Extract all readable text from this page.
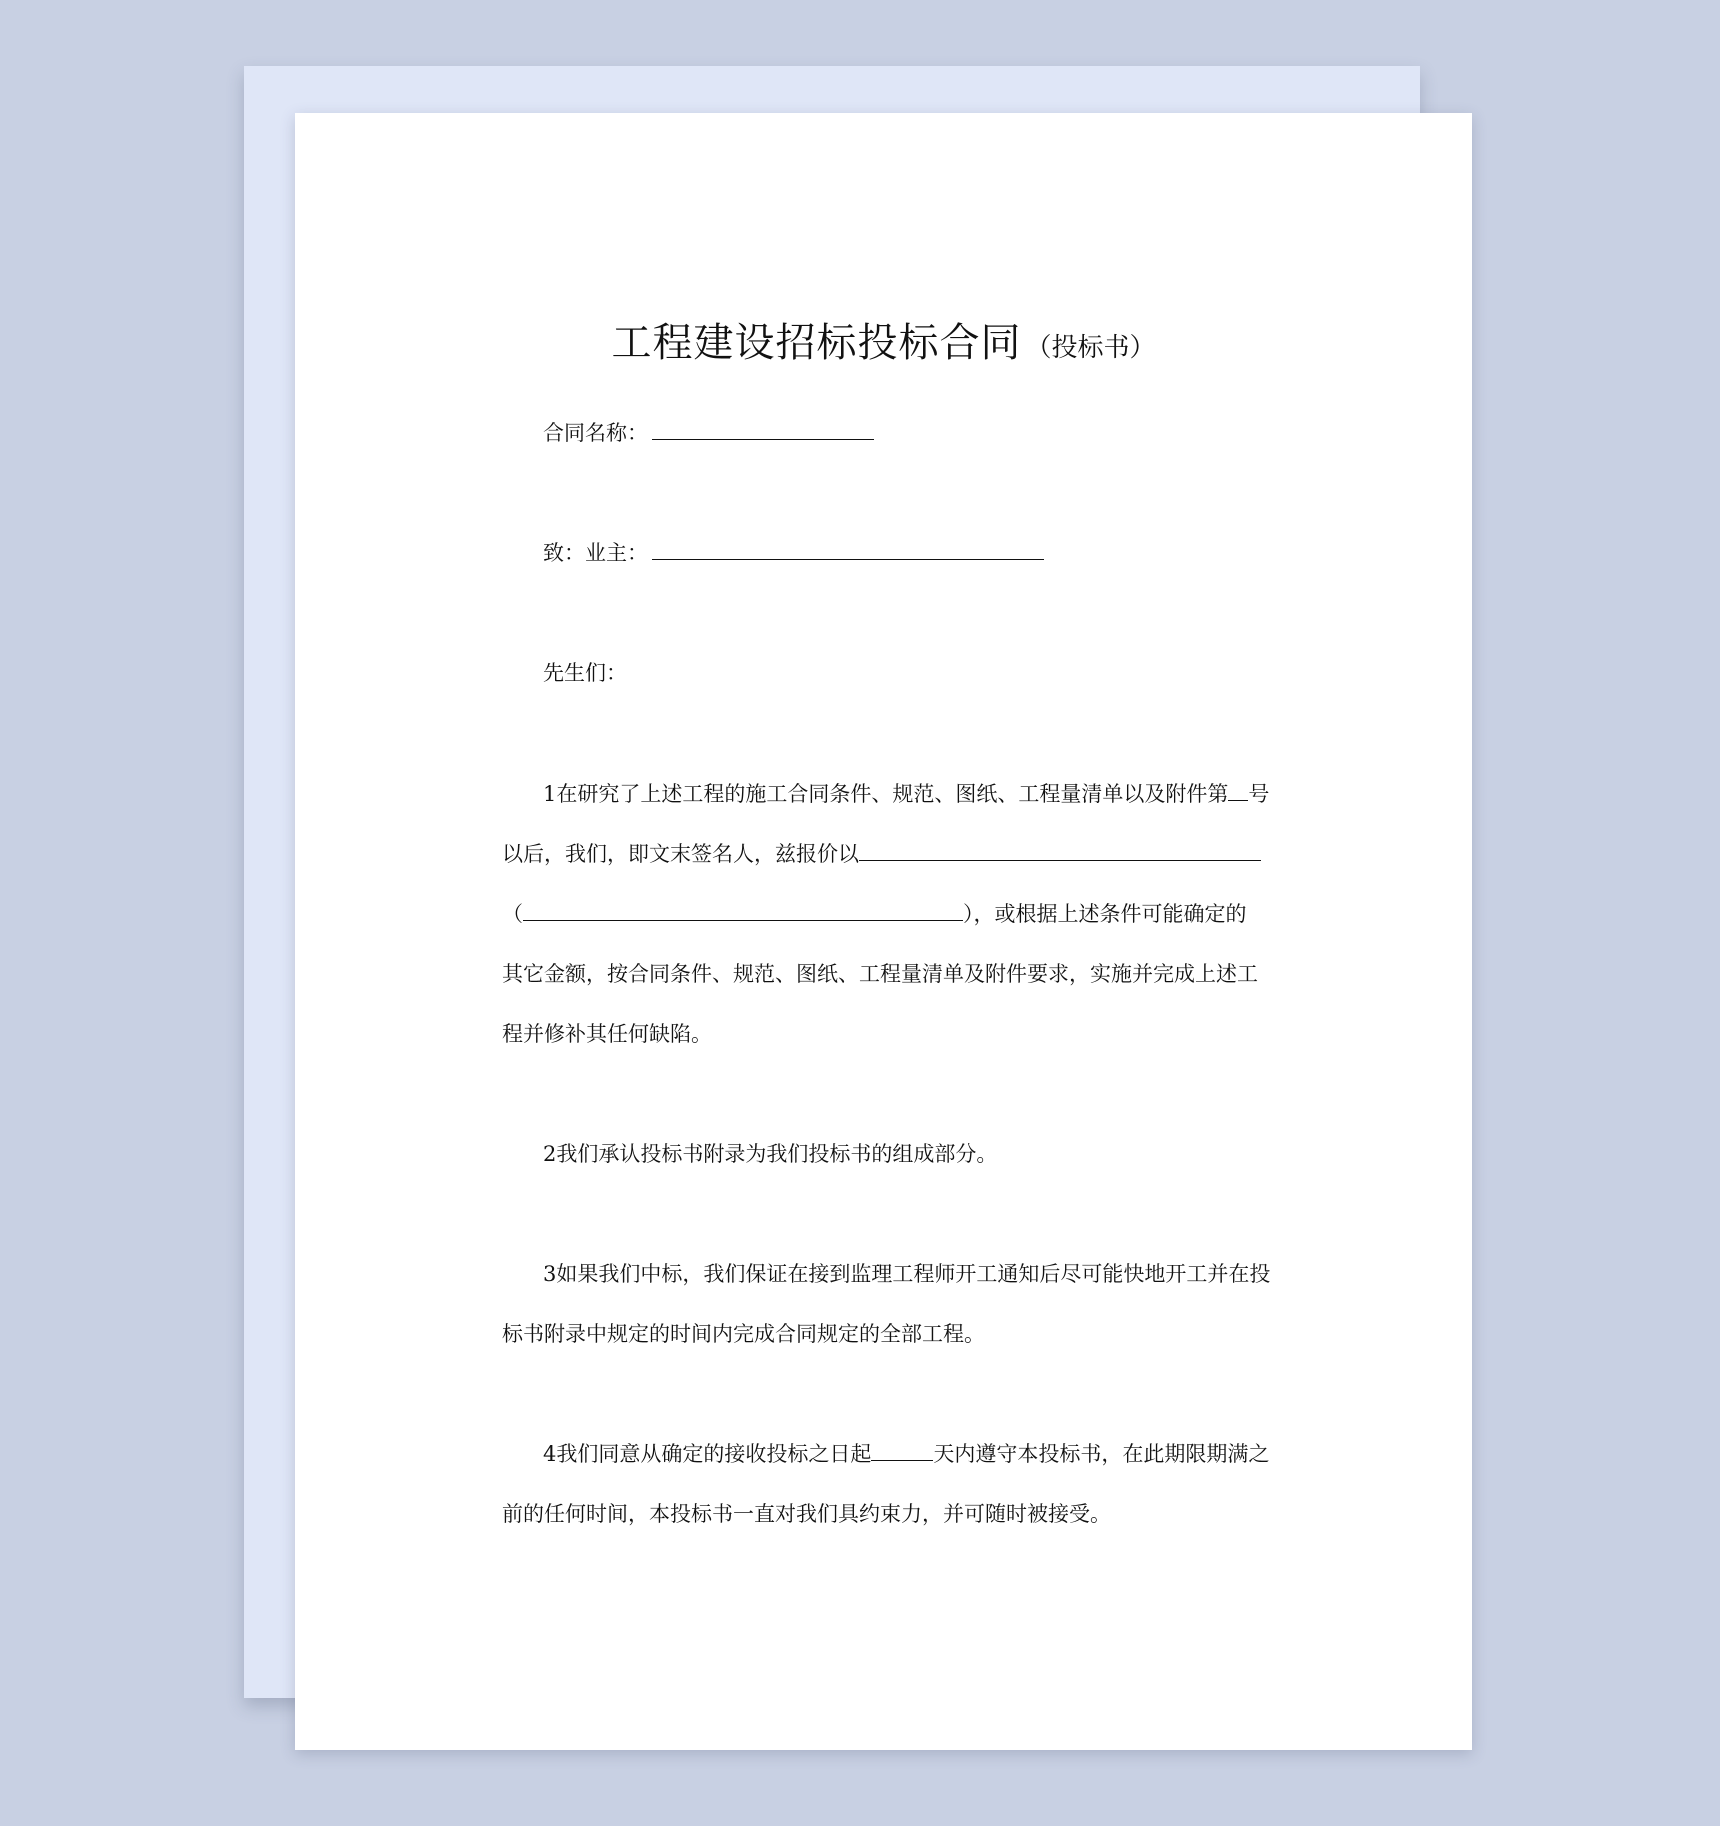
工程建设招标投标合同 （投标书）
合同名称：
致：业主：
先生们：
1在研究了上述工程的施工合同条件、规范、图纸、工程量清单以及附件第 号
以后，我们，即文末签名人，兹报价以
（	），或根据上述条件可能确定的
其它金额，按合同条件、规范、图纸、工程量清单及附件要求，实施并完成上述工
程并修补其任何缺陷。
2我们承认投标书附录为我们投标书的组成部分。
3如果我们中标，我们保证在接到监理工程师开工通知后尽可能快地开工并在投
标书附录中规定的时间内完成合同规定的全部工程。
4我们同意从确定的接收投标之日起	天内遵守本投标书，在此期限期满之
前的任何时间，本投标书一直对我们具约束力，并可随时被接受。
